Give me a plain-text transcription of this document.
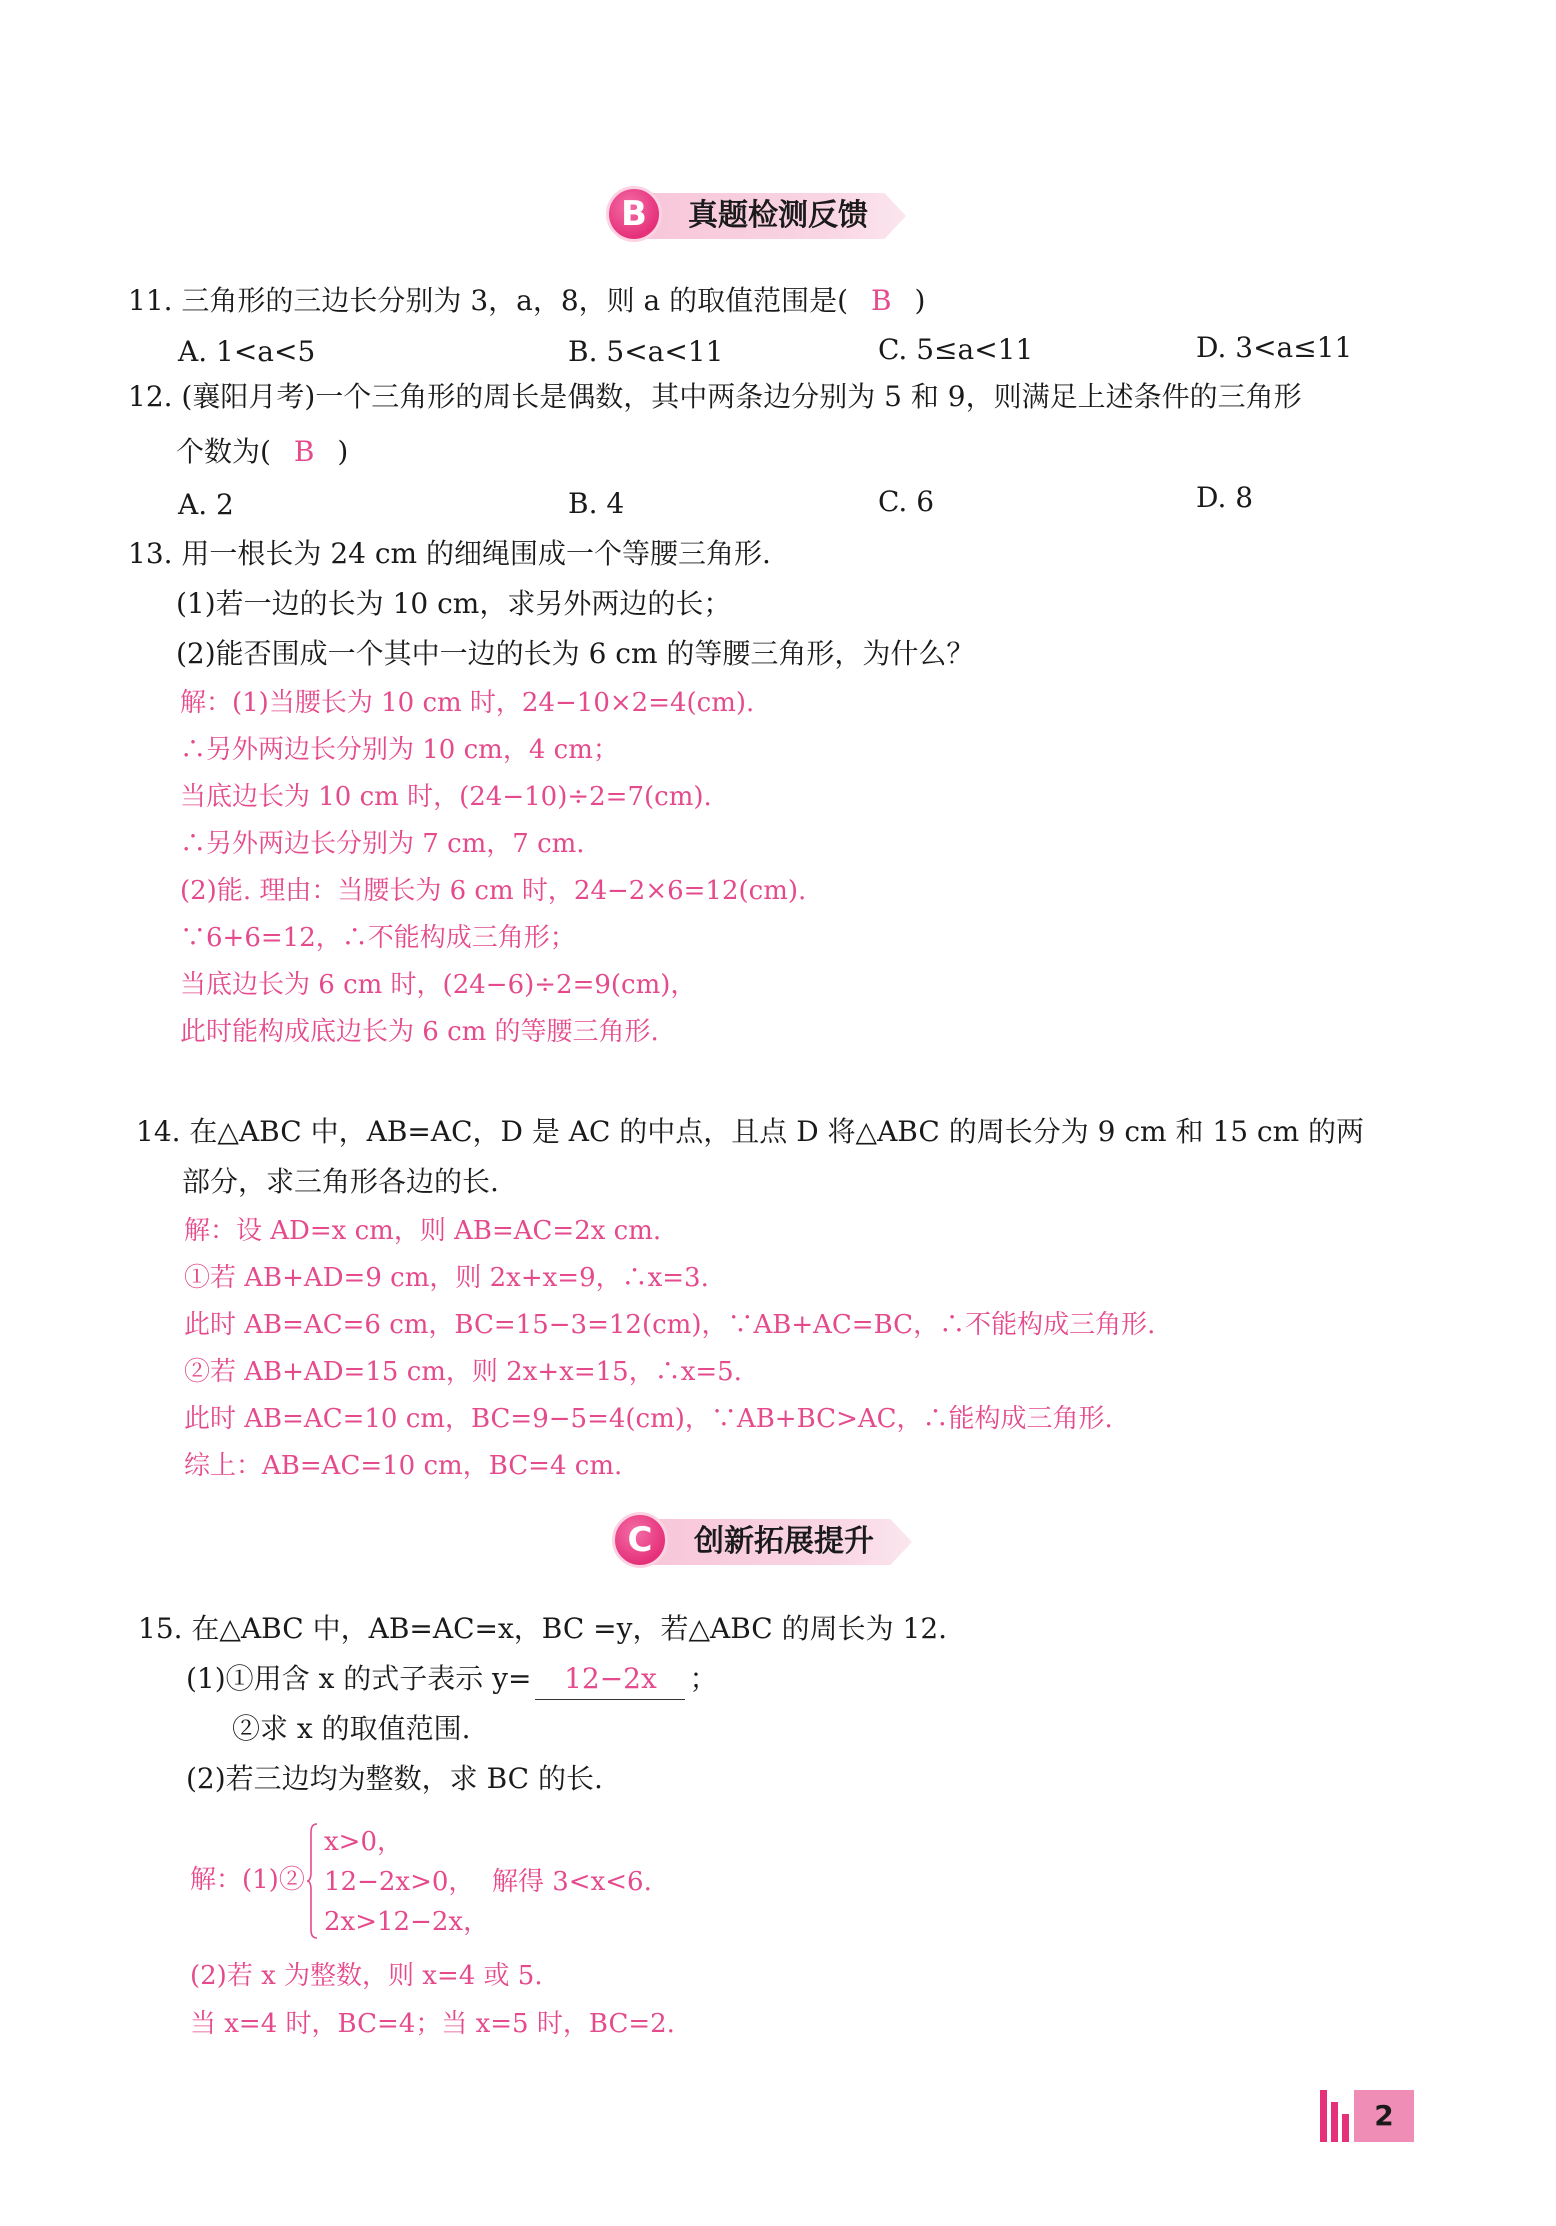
B	真题检测反馈
11. 三角形的三边长分别为 3，a，8，则 a 的取值范围是( B )
A. 1<a<5	B. 5<a<11	C. 5≤a<11	D. 3<a≤11
12. (襄阳月考)一个三角形的周长是偶数，其中两条边分别为 5 和 9，则满足上述条件的三角形
个数为( B )
A. 2	B. 4	C. 6	D. 8
13. 用一根长为 24 cm 的细绳围成一个等腰三角形.
(1)若一边的长为 10 cm，求另外两边的长；
(2)能否围成一个其中一边的长为 6 cm 的等腰三角形，为什么？
解：(1)当腰长为 10 cm 时，24−10×2=4(cm).
∴另外两边长分别为 10 cm，4 cm；
当底边长为 10 cm 时，(24−10)÷2=7(cm).
∴另外两边长分别为 7 cm，7 cm.
(2)能. 理由：当腰长为 6 cm 时，24−2×6=12(cm).
∵6+6=12，∴不能构成三角形；
当底边长为 6 cm 时，(24−6)÷2=9(cm)，
此时能构成底边长为 6 cm 的等腰三角形.
14. 在△ABC 中，AB=AC，D 是 AC 的中点，且点 D 将△ABC 的周长分为 9 cm 和 15 cm 的两
部分，求三角形各边的长.
解：设 AD=x cm，则 AB=AC=2x cm.
①若 AB+AD=9 cm，则 2x+x=9，∴x=3.
此时 AB=AC=6 cm，BC=15−3=12(cm)，∵AB+AC=BC，∴不能构成三角形.
②若 AB+AD=15 cm，则 2x+x=15，∴x=5.
此时 AB=AC=10 cm，BC=9−5=4(cm)，∵AB+BC>AC，∴能构成三角形.
综上：AB=AC=10 cm，BC=4 cm.
C	创新拓展提升
15. 在△ABC 中，AB=AC=x，BC =y，若△ABC 的周长为 12.
(1)①用含 x 的式子表示 y= 12−2x ；
②求 x 的取值范围.
(2)若三边均为整数，求 BC 的长.
解：(1)②
x>0，
12−2x>0，
2x>12−2x，
解得 3<x<6.
(2)若 x 为整数，则 x=4 或 5.
当 x=4 时，BC=4；当 x=5 时，BC=2.
2
